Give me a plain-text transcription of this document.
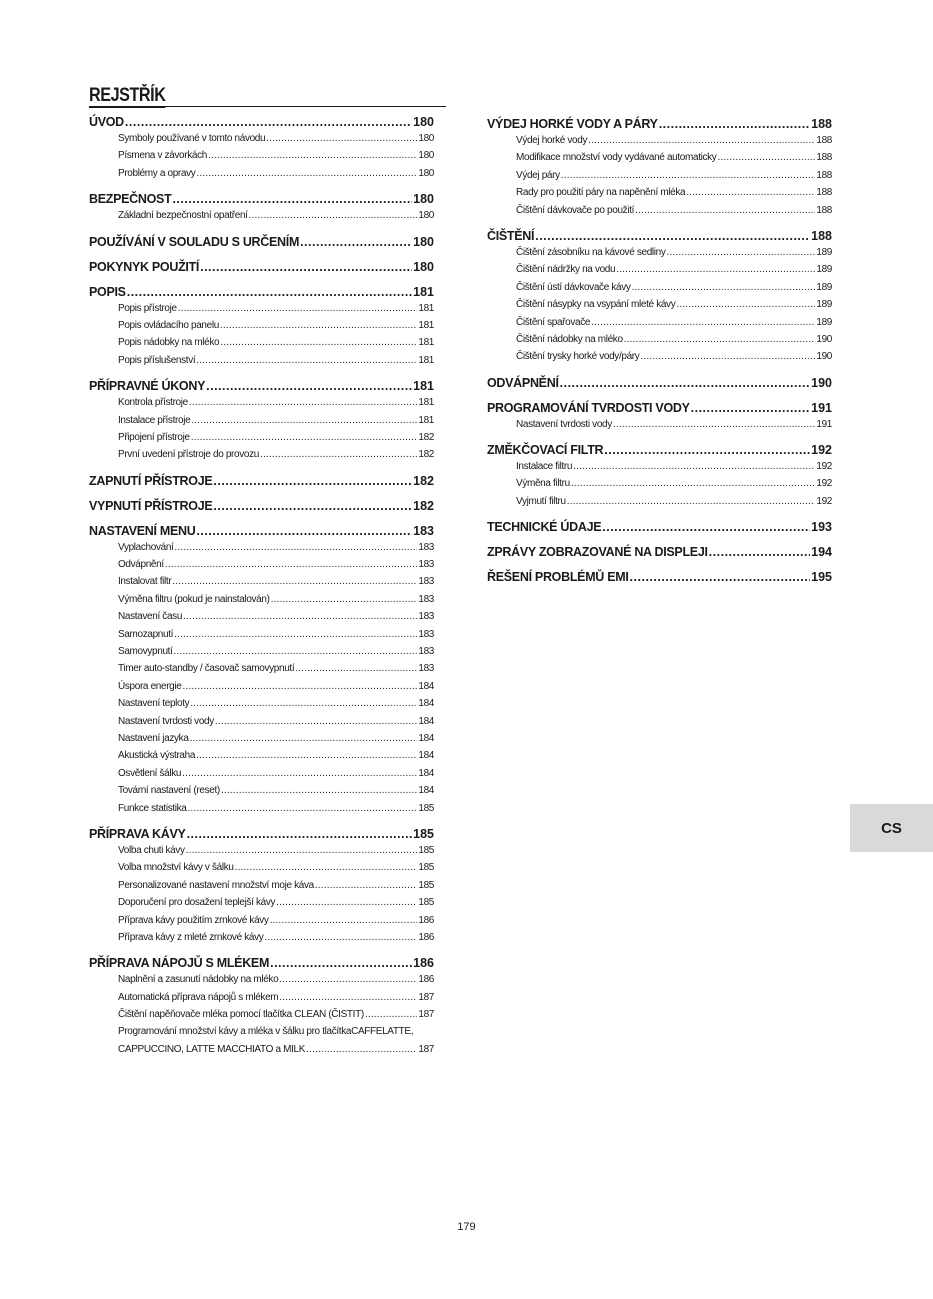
REJSTŘÍK
ÚVOD .....	180
Symboly používané v tomto návodu .....	180
Písmena v závorkách .....	180
Problémy a opravy .....	180
BEZPEČNOST .....	180
Základní bezpečnostní opatření .....	180
POUŽÍVÁNÍ V SOULADU S URČENÍM .....	180
POKYNYK POUŽITÍ .....	180
POPIS .....	181
Popis přístroje .....	181
Popis ovládacího panelu .....	181
Popis nádobky na mléko .....	181
Popis příslušenství .....	181
PŘÍPRAVNÉ ÚKONY .....	181
Kontrola přístroje .....	181
Instalace přístroje .....	181
Připojení přístroje .....	182
První uvedení přístroje do provozu .....	182
ZAPNUTÍ PŘÍSTROJE .....	182
VYPNUTÍ PŘÍSTROJE .....	182
NASTAVENÍ MENU .....	183
Vyplachování .....	183
Odvápnění .....	183
Instalovat filtr .....	183
Výměna filtru (pokud je nainstalován) .....	183
Nastavení času .....	183
Samozapnutí .....	183
Samovypnutí .....	183
Timer auto-standby / časovač samovypnutí .....	183
Úspora energie .....	184
Nastavení teploty .....	184
Nastavení tvrdosti vody .....	184
Nastavení jazyka .....	184
Akustická výstraha .....	184
Osvětlení šálku .....	184
Tovární nastavení (reset) .....	184
Funkce statistika .....	185
PŘÍPRAVA KÁVY .....	185
Volba chuti kávy .....	185
Volba množství kávy v šálku .....	185
Personalizované nastavení množství moje káva .....	185
Doporučení pro dosažení teplejší kávy .....	185
Příprava kávy použitím zrnkové kávy .....	186
Příprava kávy z mleté zrnkové kávy .....	186
PŘÍPRAVA NÁPOJŮ S MLÉKEM .....	186
Naplnění a zasunutí nádobky na mléko .....	186
Automatická příprava nápojů s mlékem .....	187
Čištění napěňovače mléka pomocí tlačítka CLEAN (ČISTIT) .....	187
Programování množství kávy a mléka v šálku pro tlačítkaCAFFELATTE,
CAPPUCCINO, LATTE MACCHIATO a MILK .....	187
VÝDEJ HORKÉ VODY A PÁRY .....	188
Výdej horké vody .....	188
Modifikace množství vody vydávané automaticky .....	188
Výdej páry .....	188
Rady pro použití páry na napěnění mléka .....	188
Čištění dávkovače po použití .....	188
ČIŠTĚNÍ .....	188
Čištění zásobníku na kávové sedliny .....	189
Čištění nádržky na vodu .....	189
Čištění ústí dávkovače kávy .....	189
Čištění násypky na vsypání mleté kávy .....	189
Čištění spařovače .....	189
Čištění nádobky na mléko .....	190
Čištění trysky horké vody/páry .....	190
ODVÁPNĚNÍ .....	190
PROGRAMOVÁNÍ TVRDOSTI VODY .....	191
Nastavení tvrdosti vody .....	191
ZMĚKČOVACÍ FILTR .....	192
Instalace filtru .....	192
Výměna filtru .....	192
Vyjmutí filtru .....	192
TECHNICKÉ ÚDAJE .....	193
ZPRÁVY ZOBRAZOVANÉ NA DISPLEJI .....	194
ŘEŠENÍ PROBLÉMŮ EMI .....	195
CS
179
